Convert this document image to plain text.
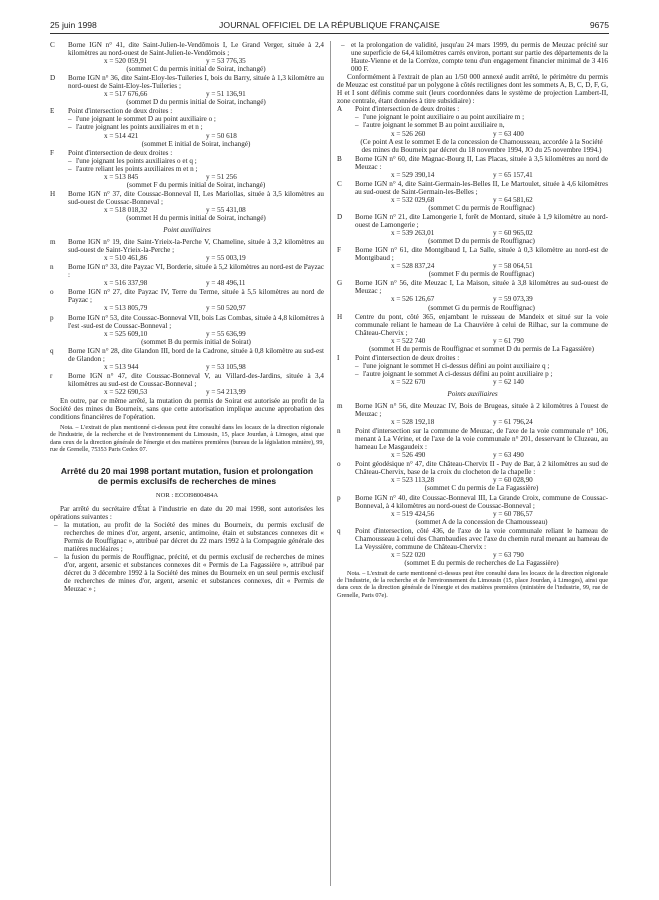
25 juin 1998	JOURNAL OFFICIEL DE LA RÉPUBLIQUE FRANÇAISE	9675
C Borne IGN n° 41, dite Saint-Julien-le-Vendômois I, Le Grand Verger, située à 2,4 kilomètres au nord-ouest de Saint-Julien-le-Vendômois ;

x = 520 059,91	y = 53 776,35

(sommet C du permis initial de Soirat, inchangé)

D Borne IGN n° 36, dite Saint-Eloy-les-Tuileries I, bois du Barry, située à 1,3 kilomètre au nord-ouest de Saint-Eloy-les-Tuileries ;

x = 517 676,66	y = 51 136,91

(sommet D du permis initial de Soirat, inchangé)

E Point d'intersection de deux droites :

– l'une joignant le sommet D au point auxiliaire o ;

– l'autre joignant les points auxiliaires m et n ;

x = 514 421	y = 50 618

(sommet E initial de Soirat, inchangé)

F Point d'intersection de deux droites :

– l'une joignant les points auxiliaires o et q ;

– l'autre reliant les points auxiliaires m et n ;

x = 513 845	y = 51 256

(sommet F du permis initial de Soirat, inchangé)

H Borne IGN n° 37, dite Coussac-Bonneval II, Les Mariollas, située à 3,5 kilomètres au sud-ouest de Coussac-Bonneval ;

x = 518 018,32	y = 55 431,08

(sommet H du permis initial de Soirat, inchangé)

Point auxiliaires

m Borne IGN n° 19, dite Saint-Yrieix-la-Perche V, Chameline, située à 3,2 kilomètres au sud-ouest de Saint-Yrieix-la-Perche ;

x = 510 461,86	y = 55 003,19
n Borne IGN n° 33, dite Payzac VI, Borderie, située à 5,2 kilomètres au nord-est de Payzac :

x = 516 337,98	y = 48 496,11
o Borne IGN n° 27, dite Payzac IV, Terre du Terme, située à 5,5 kilomètres au nord de Payzac ;

x = 513 805,79	y = 50 520,97
p Borne IGN n° 53, dite Coussac-Bonneval VII, bois Las Combas, située à 4,8 kilomètres à l'est -sud-est de Coussac-Bonneval ;

x = 525 609,10	y = 55 636,99

(sommet B du permis initial de Soirat)

q Borne IGN n° 28, dite Glandon III, bord de la Cadrone, située à 0,8 kilomètre au sud-est de Glandon ;

x = 513 944	y = 53 105,98
r Borne IGN n° 47, dite Coussac-Bonneval V, au Villard-des-Jardins, située à 3,4 kilomètres au sud-est de Coussac-Bonneval ;

x = 522 690,53	y = 54 213,99

En outre, par ce même arrêté, la mutation du permis de Soirat est autorisée au profit de la Société des mines du Bourneix, sans que cette autorisation implique aucune approbation des conditions financières de l'opération.

Nota. – L'extrait de plan mentionné ci-dessus peut être consulté dans les locaux de la direction régionale de l'industrie, de la recherche et de l'environnement du Limousin, 15, place Jourdan, à Limoges, ainsi que dans ceux de la direction générale de l'énergie et des matières premières (bureau de la législation minière), 99, rue de Grenelle, 75353 Paris Cedex 07.

Arrêté du 20 mai 1998 portant mutation, fusion et prolongation de permis exclusifs de recherches de mines

NOR : ECOI9800484A

Par arrêté du secrétaire d'État à l'industrie en date du 20 mai 1998, sont autorisées les opérations suivantes :

– la mutation, au profit de la Société des mines du Bourneix, du permis exclusif de recherches de mines d'or, argent, arsenic, antimoine, étain et substances connexes dit « Permis de Rouffignac », attribué par décret du 22 mars 1992 à la Compagnie générale des matières nucléaires ;

– la fusion du permis de Rouffignac, précité, et du permis exclusif de recherches de mines d'or, argent, arsenic et substances connexes dit « Permis de La Fagassière », attribué par décret du 3 décembre 1992 à la Société des mines du Bourneix en un seul permis exclusif de recherches de mines d'or, argent, arsenic et substances connexes, dit « Permis de Meuzac » ;

– et la prolongation de validité, jusqu'au 24 mars 1999, du permis de Meuzac précité sur une superficie de 64,4 kilomètres carrés environ, portant sur partie des départements de la Haute-Vienne et de la Corrèze, compte tenu d'un engagement financier minimal de 3 416 000 F.

Conformément à l'extrait de plan au 1/50 000 annexé audit arrêté, le périmètre du permis de Meuzac est constitué par un polygone à côtés rectilignes dont les sommets A, B, C, D, F, G, H et I sont définis comme suit (leurs coordonnées dans le système de projection Lambert-II, zone centrale, étant données à titre subsidiaire) :

A Point d'intersection de deux droites :

– l'une joignant le point auxiliaire o au point auxiliaire m ;

– l'autre joignant le sommet B au point auxiliaire n,

x = 526 260	y = 63 400

(Ce point A est le sommet E de la concession de Chamousseau, accordée à la Société des mines du Bourneix par décret du 18 novembre 1994, JO du 25 novembre 1994.)

B Borne IGN n° 60, dite Magnac-Bourg II, Las Placas, située à 3,5 kilomètres au nord de Meuzac :

x = 529 390,14	y = 65 157,41
C Borne IGN n° 4, dite Saint-Germain-les-Belles II, Le Martoulet, située à 4,6 kilomètres au sud-ouest de Saint-Germain-les-Belles ;

x = 532 029,68	y = 64 581,62

(sommet C du permis de Rouffignac)

D Borne IGN n° 21, dite Lamongerie I, forêt de Montard, située à 1,9 kilomètre au nord-ouest de Lamongerie ;

x = 539 263,01	y = 60 965,02

(sommet D du permis de Rouffignac)

F Borne IGN n° 61, dite Montgibaud I, La Salle, située à 0,3 kilomètre au nord-est de Montgibaud ;

x = 528 837,24	y = 58 064,51

(sommet F du permis de Rouffignac)

G Borne IGN n° 56, dite Meuzac I, La Maison, située à 3,8 kilomètres au sud-ouest de Meuzac ;

x = 526 126,67	y = 59 073,39

(sommet G du permis de Rouffignac)

H Centre du pont, côté 365, enjambant le ruisseau de Mandeix et situé sur la voie communale reliant le hameau de La Chauvière à celui de Rilhac, sur la commune de Château-Chervix ;

x = 522 740	y = 61 790

(sommet H du permis de Rouffignac et sommet D du permis de La Fagassière)

I Point d'intersection de deux droites :

– l'une joignant le sommet H ci-dessus défini au point auxiliaire q ;

– l'autre joignant le sommet A ci-dessus défini au point auxiliaire p ;

x = 522 670	y = 62 140

Points auxiliaires

m Borne IGN n° 56, dite Meuzac IV, Bois de Brugeas, située à 2 kilomètres à l'ouest de Meuzac ;

x = 528 192,18	y = 61 796,24
n Point d'intersection sur la commune de Meuzac, de l'axe de la voie communale n° 106, menant à La Vérine, et de l'axe de la voie communale n° 201, desservant le Cluzeau, au hameau Le Masgaudeix :

x = 526 490	y = 63 490
o Point géodésique n° 47, dite Château-Chervix II - Puy de Bar, à 2 kilomètres au sud de Château-Chervix, base de la croix du clocheton de la chapelle :

x = 523 113,28	y = 60 028,90

(sommet C du permis de La Fagassière)

p Borne IGN n° 40, dite Coussac-Bonneval III, La Grande Croix, commune de Coussac-Bonneval, à 4 kilomètres au nord-ouest de Coussac-Bonneval ;

x = 519 424,56	y = 60 786,57

(sommet A de la concession de Chamousseau)

q Point d'intersection, côté 436, de l'axe de la voie communale reliant le hameau de Chamousseau à celui des Chambaudies avec l'axe du chemin rural menant au hameau de La Veyssière, commune de Château-Chervix :

x = 522 020	y = 63 790

(sommet E du permis de recherches de La Fagassière)

Nota. – L'extrait de carte mentionné ci-dessus peut être consulté dans les locaux de la direction régionale de l'industrie, de la recherche et de l'environnement du Limousin (15, place Jourdan, à Limoges), ainsi que dans ceux de la direction générale de l'énergie et des matières premières (ministère de l'industrie, 99, rue de Grenelle, Paris 07e).
